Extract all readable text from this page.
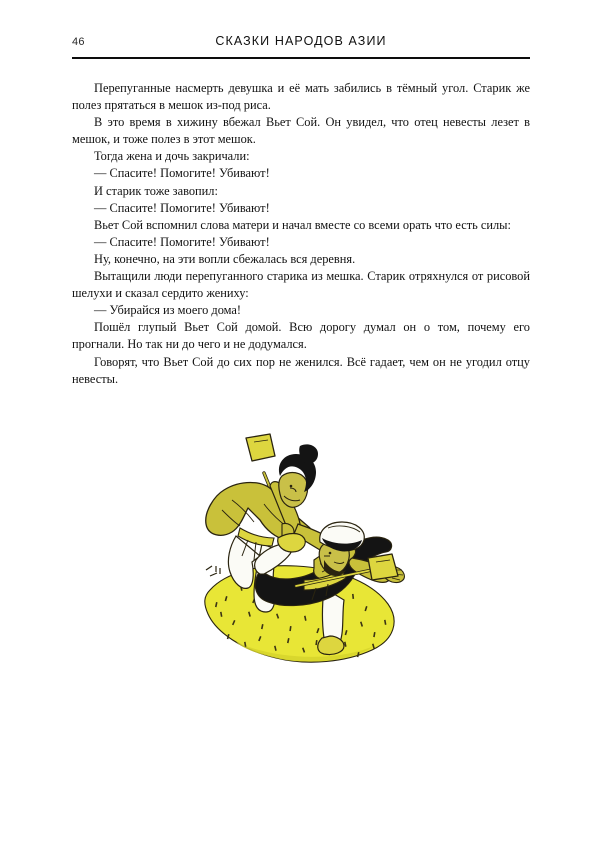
46	СКАЗКИ НАРОДОВ АЗИИ

Перепуганные насмерть девушка и её мать забились в тёмный угол. Старик же полез прятаться в мешок из-под риса.

В это время в хижину вбежал Вьет Сой. Он увидел, что отец невесты лезет в мешок, и тоже полез в этот мешок.

Тогда жена и дочь закричали:

— Спасите! Помогите! Убивают!

И старик тоже завопил:

— Спасите! Помогите! Убивают!

Вьет Сой вспомнил слова матери и начал вместе со всеми орать что есть силы:

— Спасите! Помогите! Убивают!

Ну, конечно, на эти вопли сбежалась вся деревня.

Вытащили люди перепуганного старика из мешка. Старик отряхнулся от рисовой шелухи и сказал сердито жениху:

— Убирайся из моего дома!

Пошёл глупый Вьет Сой домой. Всю дорогу думал он о том, почему его прогнали. Но так ни до чего и не додумался.

Говорят, что Вьет Сой до сих пор не женился. Всё гадает, чем он не угодил отцу невесты.
